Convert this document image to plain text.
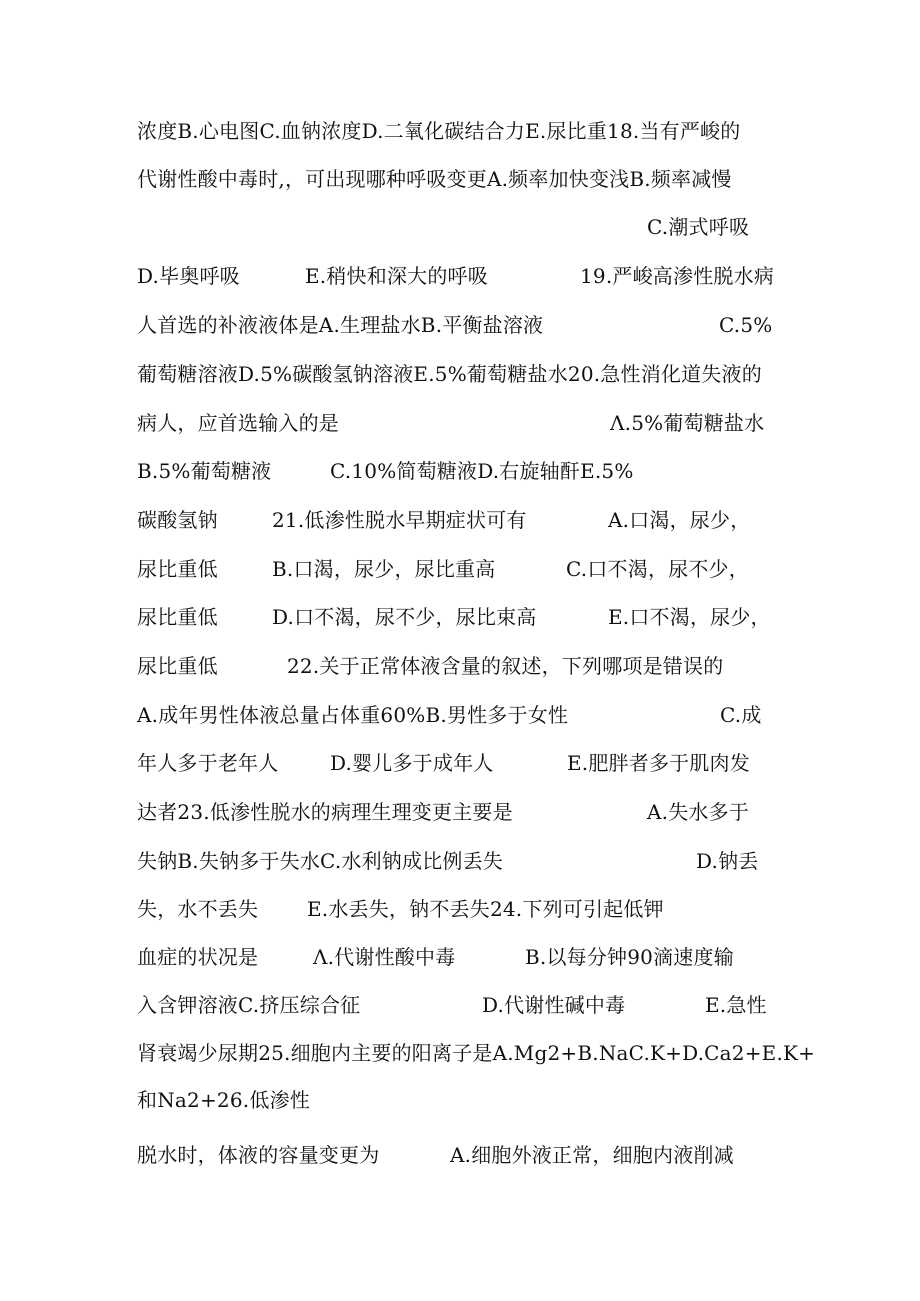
浓度B.心电图C.血钠浓度D.二氧化碳结合力E.尿比重18.当有严峻的
代谢性酸中毒时,，可出现哪种呼吸变更A.频率加快变浅B.频率减慢
C.潮式呼吸
D.毕奥呼吸	E.稍快和深大的呼吸	19.严峻高渗性脱水病
人首选的补液液体是A.生理盐水B.平衡盐溶液	C.5%
葡萄糖溶液D.5%碳酸氢钠溶液E.5%葡萄糖盐水20.急性消化道失液的
病人，应首选输入的是	Λ.5%葡萄糖盐水
B.5%葡萄糖液	C.10%简萄糖液D.右旋轴酐E.5%
碳酸氢钠	21.低渗性脱水早期症状可有	A.口渴，尿少，
尿比重低	B.口渴，尿少，尿比重高	C.口不渴，尿不少，
尿比重低	D.口不渴，尿不少，尿比束高	E.口不渴，尿少，
尿比重低	22.关于正常体液含量的叙述，下列哪项是错误的
A.成年男性体液总量占体重60%B.男性多于女性	C.成
年人多于老年人	D.婴儿多于成年人	E.肥胖者多于肌肉发
达者23.低渗性脱水的病理生理变更主要是	A.失水多于
失钠B.失钠多于失水C.水利钠成比例丢失	D.钠丢
失，水不丢失 E.水丢失，钠不丢失24.下列可引起低钾
血症的状况是	Λ.代谢性酸中毒	B.以每分钟90滴速度输
入含钾溶液C.挤压综合征	D.代谢性碱中毒	E.急性
肾衰竭少尿期25.细胞内主要的阳离子是A.Mg2+B.NaC.K+D.Ca2+E.K+
和Na2+26.低渗性
脱水时，体液的容量变更为	A.细胞外液正常，细胞内液削减
